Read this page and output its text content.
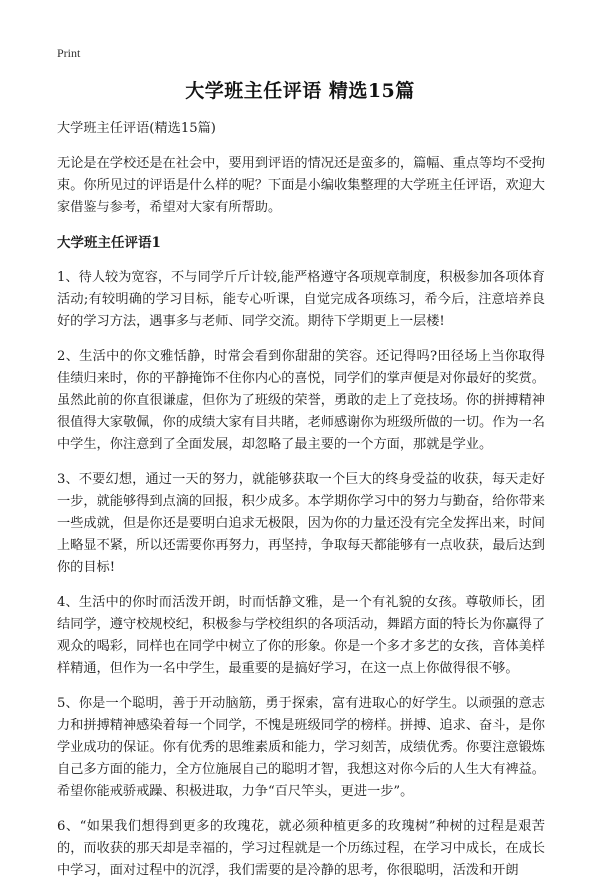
Print
大学班主任评语 精选15篇

大学班主任评语(精选15篇)

无论是在学校还是在社会中，要用到评语的情况还是蛮多的，篇幅、重点等均不受拘束。你所见过的评语是什么样的呢？下面是小编收集整理的大学班主任评语，欢迎大家借鉴与参考，希望对大家有所帮助。

大学班主任评语1

1、待人较为宽容，不与同学斤斤计较,能严格遵守各项规章制度，积极参加各项体育活动;有较明确的学习目标，能专心听课，自觉完成各项练习，希今后，注意培养良好的学习方法，遇事多与老师、同学交流。期待下学期更上一层楼!

2、生活中的你文雅恬静，时常会看到你甜甜的笑容。还记得吗?田径场上当你取得佳绩归来时，你的平静掩饰不住你内心的喜悦，同学们的掌声便是对你最好的奖赏。虽然此前的你直很谦虚，但你为了班级的荣誉，勇敢的走上了竞技场。你的拼搏精神很值得大家敬佩，你的成绩大家有目共睹，老师感谢你为班级所做的一切。作为一名中学生，你注意到了全面发展，却忽略了最主要的一个方面，那就是学业。

3、不要幻想，通过一天的努力，就能够获取一个巨大的终身受益的收获，每天走好一步，就能够得到点滴的回报，积少成多。本学期你学习中的努力与勤奋，给你带来一些成就，但是你还是要明白追求无极限，因为你的力量还没有完全发挥出来，时间上略显不紧，所以还需要你再努力，再坚持，争取每天都能够有一点收获，最后达到你的目标!

4、生活中的你时而活泼开朗，时而恬静文雅，是一个有礼貌的女孩。尊敬师长，团结同学，遵守校规校纪，积极参与学校组织的各项活动，舞蹈方面的特长为你赢得了观众的喝彩，同样也在同学中树立了你的形象。你是一个多才多艺的女孩，音体美样样精通，但作为一名中学生，最重要的是搞好学习，在这一点上你做得很不够。

5、你是一个聪明，善于开动脑筋，勇于探索，富有进取心的好学生。以顽强的意志力和拼搏精神感染着每一个同学，不愧是班级同学的榜样。拼搏、追求、奋斗，是你学业成功的保证。你有优秀的思维素质和能力，学习刻苦，成绩优秀。你要注意锻炼自己多方面的能力，全方位施展自己的聪明才智，我想这对你今后的人生大有裨益。希望你能戒骄戒躁、积极进取，力争“百尺竿头，更进一步”。

6、“如果我们想得到更多的玫瑰花，就必须种植更多的玫瑰树”种树的过程是艰苦的，而收获的那天却是幸福的，学习过程就是一个历练过程，在学习中成长，在成长中学习，面对过程中的沉浮，我们需要的是冷静的思考，你很聪明，活泼和开朗
